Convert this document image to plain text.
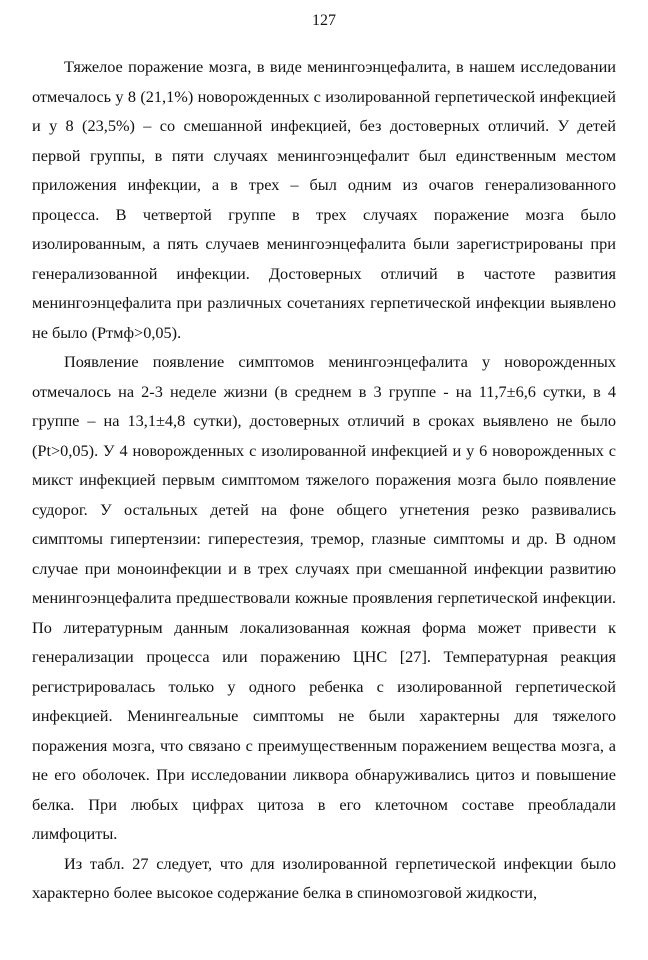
127

Тяжелое поражение мозга, в виде менингоэнцефалита, в нашем исследовании отмечалось у 8 (21,1%) новорожденных с изолированной герпетической инфекцией и у 8 (23,5%) – со смешанной инфекцией, без достоверных отличий. У детей первой группы, в пяти случаях менингоэнцефалит был единственным местом приложения инфекции, а в трех – был одним из очагов генерализованного процесса. В четвертой группе в трех случаях поражение мозга было изолированным, а пять случаев менингоэнцефалита были зарегистрированы при генерализованной инфекции. Достоверных отличий в частоте развития менингоэнцефалита при различных сочетаниях герпетической инфекции выявлено не было (Pтмф>0,05).

Появление появление симптомов менингоэнцефалита у новорожденных отмечалось на 2-3 неделе жизни (в среднем в 3 группе - на 11,7±6,6 сутки, в 4 группе – на 13,1±4,8 сутки), достоверных отличий в сроках выявлено не было (Pt>0,05). У 4 новорожденных с изолированной инфекцией и у 6 новорожденных с микст инфекцией первым симптомом тяжелого поражения мозга было появление судорог. У остальных детей на фоне общего угнетения резко развивались симптомы гипертензии: гиперестезия, тремор, глазные симптомы и др. В одном случае при моноинфекции и в трех случаях при смешанной инфекции развитию менингоэнцефалита предшествовали кожные проявления герпетической инфекции. По литературным данным локализованная кожная форма может привести к генерализации процесса или поражению ЦНС [27]. Температурная реакция регистрировалась только у одного ребенка с изолированной герпетической инфекцией. Менингеальные симптомы не были характерны для тяжелого поражения мозга, что связано с преимущественным поражением вещества мозга, а не его оболочек. При исследовании ликвора обнаруживались цитоз и повышение белка. При любых цифрах цитоза в его клеточном составе преобладали лимфоциты.

Из табл. 27 следует, что для изолированной герпетической инфекции было характерно более высокое содержание белка в спиномозговой жидкости,
